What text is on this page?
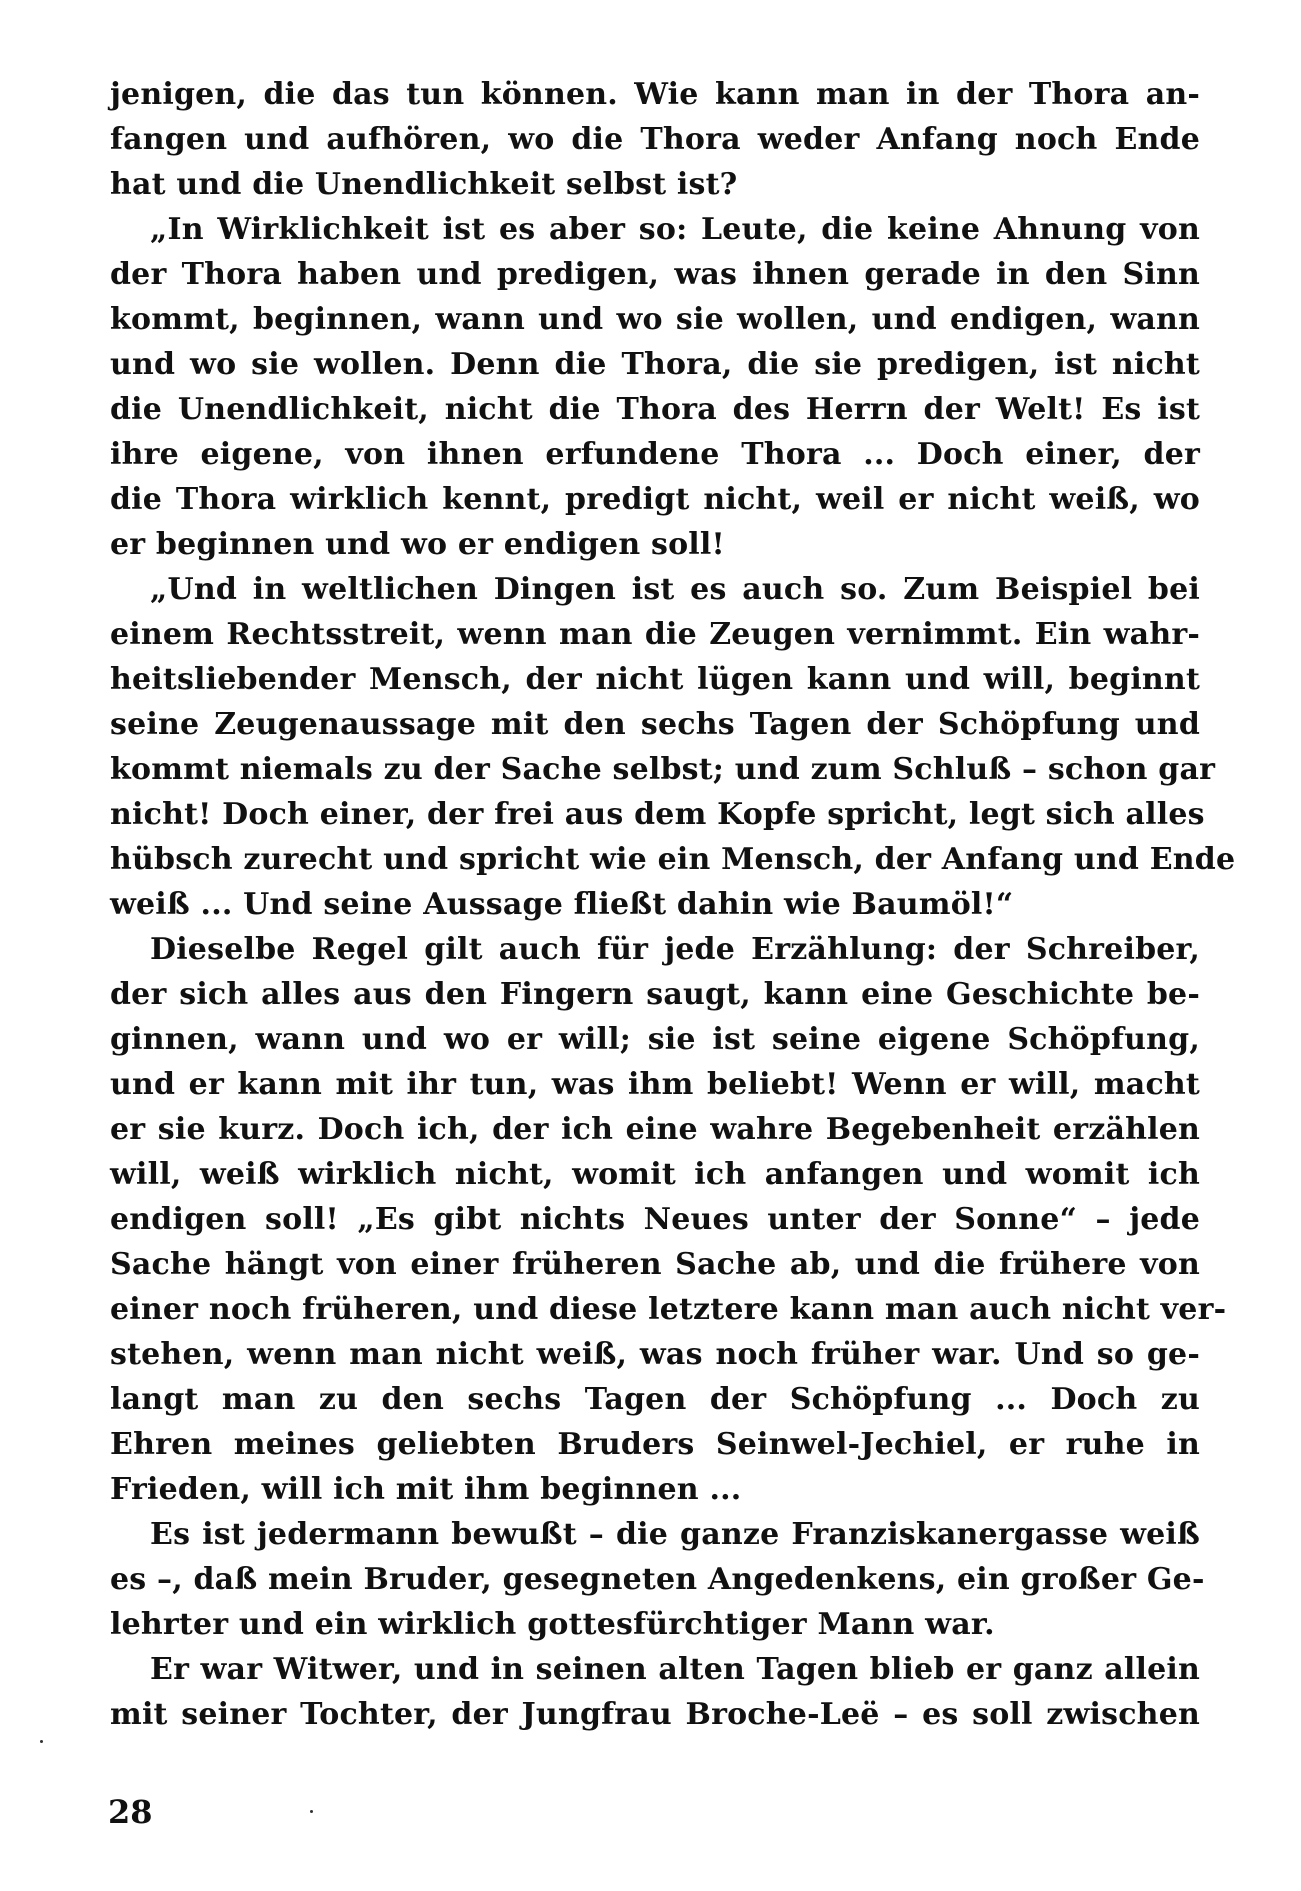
jenigen, die das tun können. Wie kann man in der Thora an-
fangen und aufhören, wo die Thora weder Anfang noch Ende
hat und die Unendlichkeit selbst ist?
„In Wirklichkeit ist es aber so: Leute, die keine Ahnung von
der Thora haben und predigen, was ihnen gerade in den Sinn
kommt, beginnen, wann und wo sie wollen, und endigen, wann
und wo sie wollen. Denn die Thora, die sie predigen, ist nicht
die Unendlichkeit, nicht die Thora des Herrn der Welt! Es ist
ihre eigene, von ihnen erfundene Thora ... Doch einer, der
die Thora wirklich kennt, predigt nicht, weil er nicht weiß, wo
er beginnen und wo er endigen soll!
„Und in weltlichen Dingen ist es auch so. Zum Beispiel bei
einem Rechtsstreit, wenn man die Zeugen vernimmt. Ein wahr-
heitsliebender Mensch, der nicht lügen kann und will, beginnt
seine Zeugenaussage mit den sechs Tagen der Schöpfung und
kommt niemals zu der Sache selbst; und zum Schluß – schon gar
nicht! Doch einer, der frei aus dem Kopfe spricht, legt sich alles
hübsch zurecht und spricht wie ein Mensch, der Anfang und Ende
weiß ... Und seine Aussage fließt dahin wie Baumöl!“
Dieselbe Regel gilt auch für jede Erzählung: der Schreiber,
der sich alles aus den Fingern saugt, kann eine Geschichte be-
ginnen, wann und wo er will; sie ist seine eigene Schöpfung,
und er kann mit ihr tun, was ihm beliebt! Wenn er will, macht
er sie kurz. Doch ich, der ich eine wahre Begebenheit erzählen
will, weiß wirklich nicht, womit ich anfangen und womit ich
endigen soll! „Es gibt nichts Neues unter der Sonne“ – jede
Sache hängt von einer früheren Sache ab, und die frühere von
einer noch früheren, und diese letztere kann man auch nicht ver-
stehen, wenn man nicht weiß, was noch früher war. Und so ge-
langt man zu den sechs Tagen der Schöpfung ... Doch zu
Ehren meines geliebten Bruders Seinwel-Jechiel, er ruhe in
Frieden, will ich mit ihm beginnen ...
Es ist jedermann bewußt – die ganze Franziskanergasse weiß
es –, daß mein Bruder, gesegneten Angedenkens, ein großer Ge-
lehrter und ein wirklich gottesfürchtiger Mann war.
Er war Witwer, und in seinen alten Tagen blieb er ganz allein
mit seiner Tochter, der Jungfrau Broche-Leë – es soll zwischen
28
